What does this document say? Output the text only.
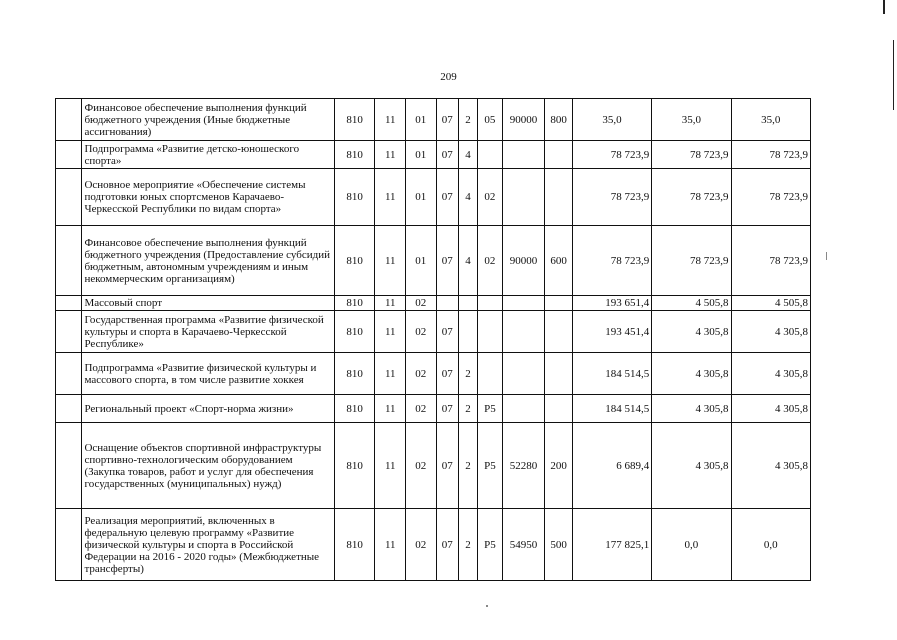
209
	Финансовое обеспечение выполнения функций бюджетного учреждения (Иные бюджетные ассигнования)	810	11	01	07	2	05	90000	800	35,0	35,0	35,0
	Подпрограмма «Развитие детско-юношеского спорта»	810	11	01	07	4				78 723,9	78 723,9	78 723,9
	Основное мероприятие «Обеспечение системы подготовки юных спортсменов Карачаево-Черкесской Республики по видам спорта»	810	11	01	07	4	02			78 723,9	78 723,9	78 723,9
	Финансовое обеспечение выполнения функций бюджетного учреждения (Предоставление субсидий бюджетным, автономным учреждениям и иным некоммерческим организациям)	810	11	01	07	4	02	90000	600	78 723,9	78 723,9	78 723,9
	Массовый спорт	810	11	02						193 651,4	4 505,8	4 505,8
	Государственная программа «Развитие физической культуры и спорта в Карачаево-Черкесской Республике»	810	11	02	07					193 451,4	4 305,8	4 305,8
	Подпрограмма «Развитие физической культуры и массового спорта, в том числе развитие хоккея	810	11	02	07	2				184 514,5	4 305,8	4 305,8
	Региональный проект «Спорт-норма жизни»	810	11	02	07	2	Р5			184 514,5	4 305,8	4 305,8
	Оснащение объектов спортивной инфраструктуры спортивно-технологическим оборудованием (Закупка товаров, работ и услуг для обеспечения государственных (муниципальных) нужд)	810	11	02	07	2	Р5	52280	200	6 689,4	4 305,8	4 305,8
	Реализация мероприятий, включенных в федеральную целевую программу «Развитие физической культуры и спорта в Российской Федерации на 2016 - 2020 годы» (Межбюджетные трансферты)	810	11	02	07	2	Р5	54950	500	177 825,1	0,0	0,0
